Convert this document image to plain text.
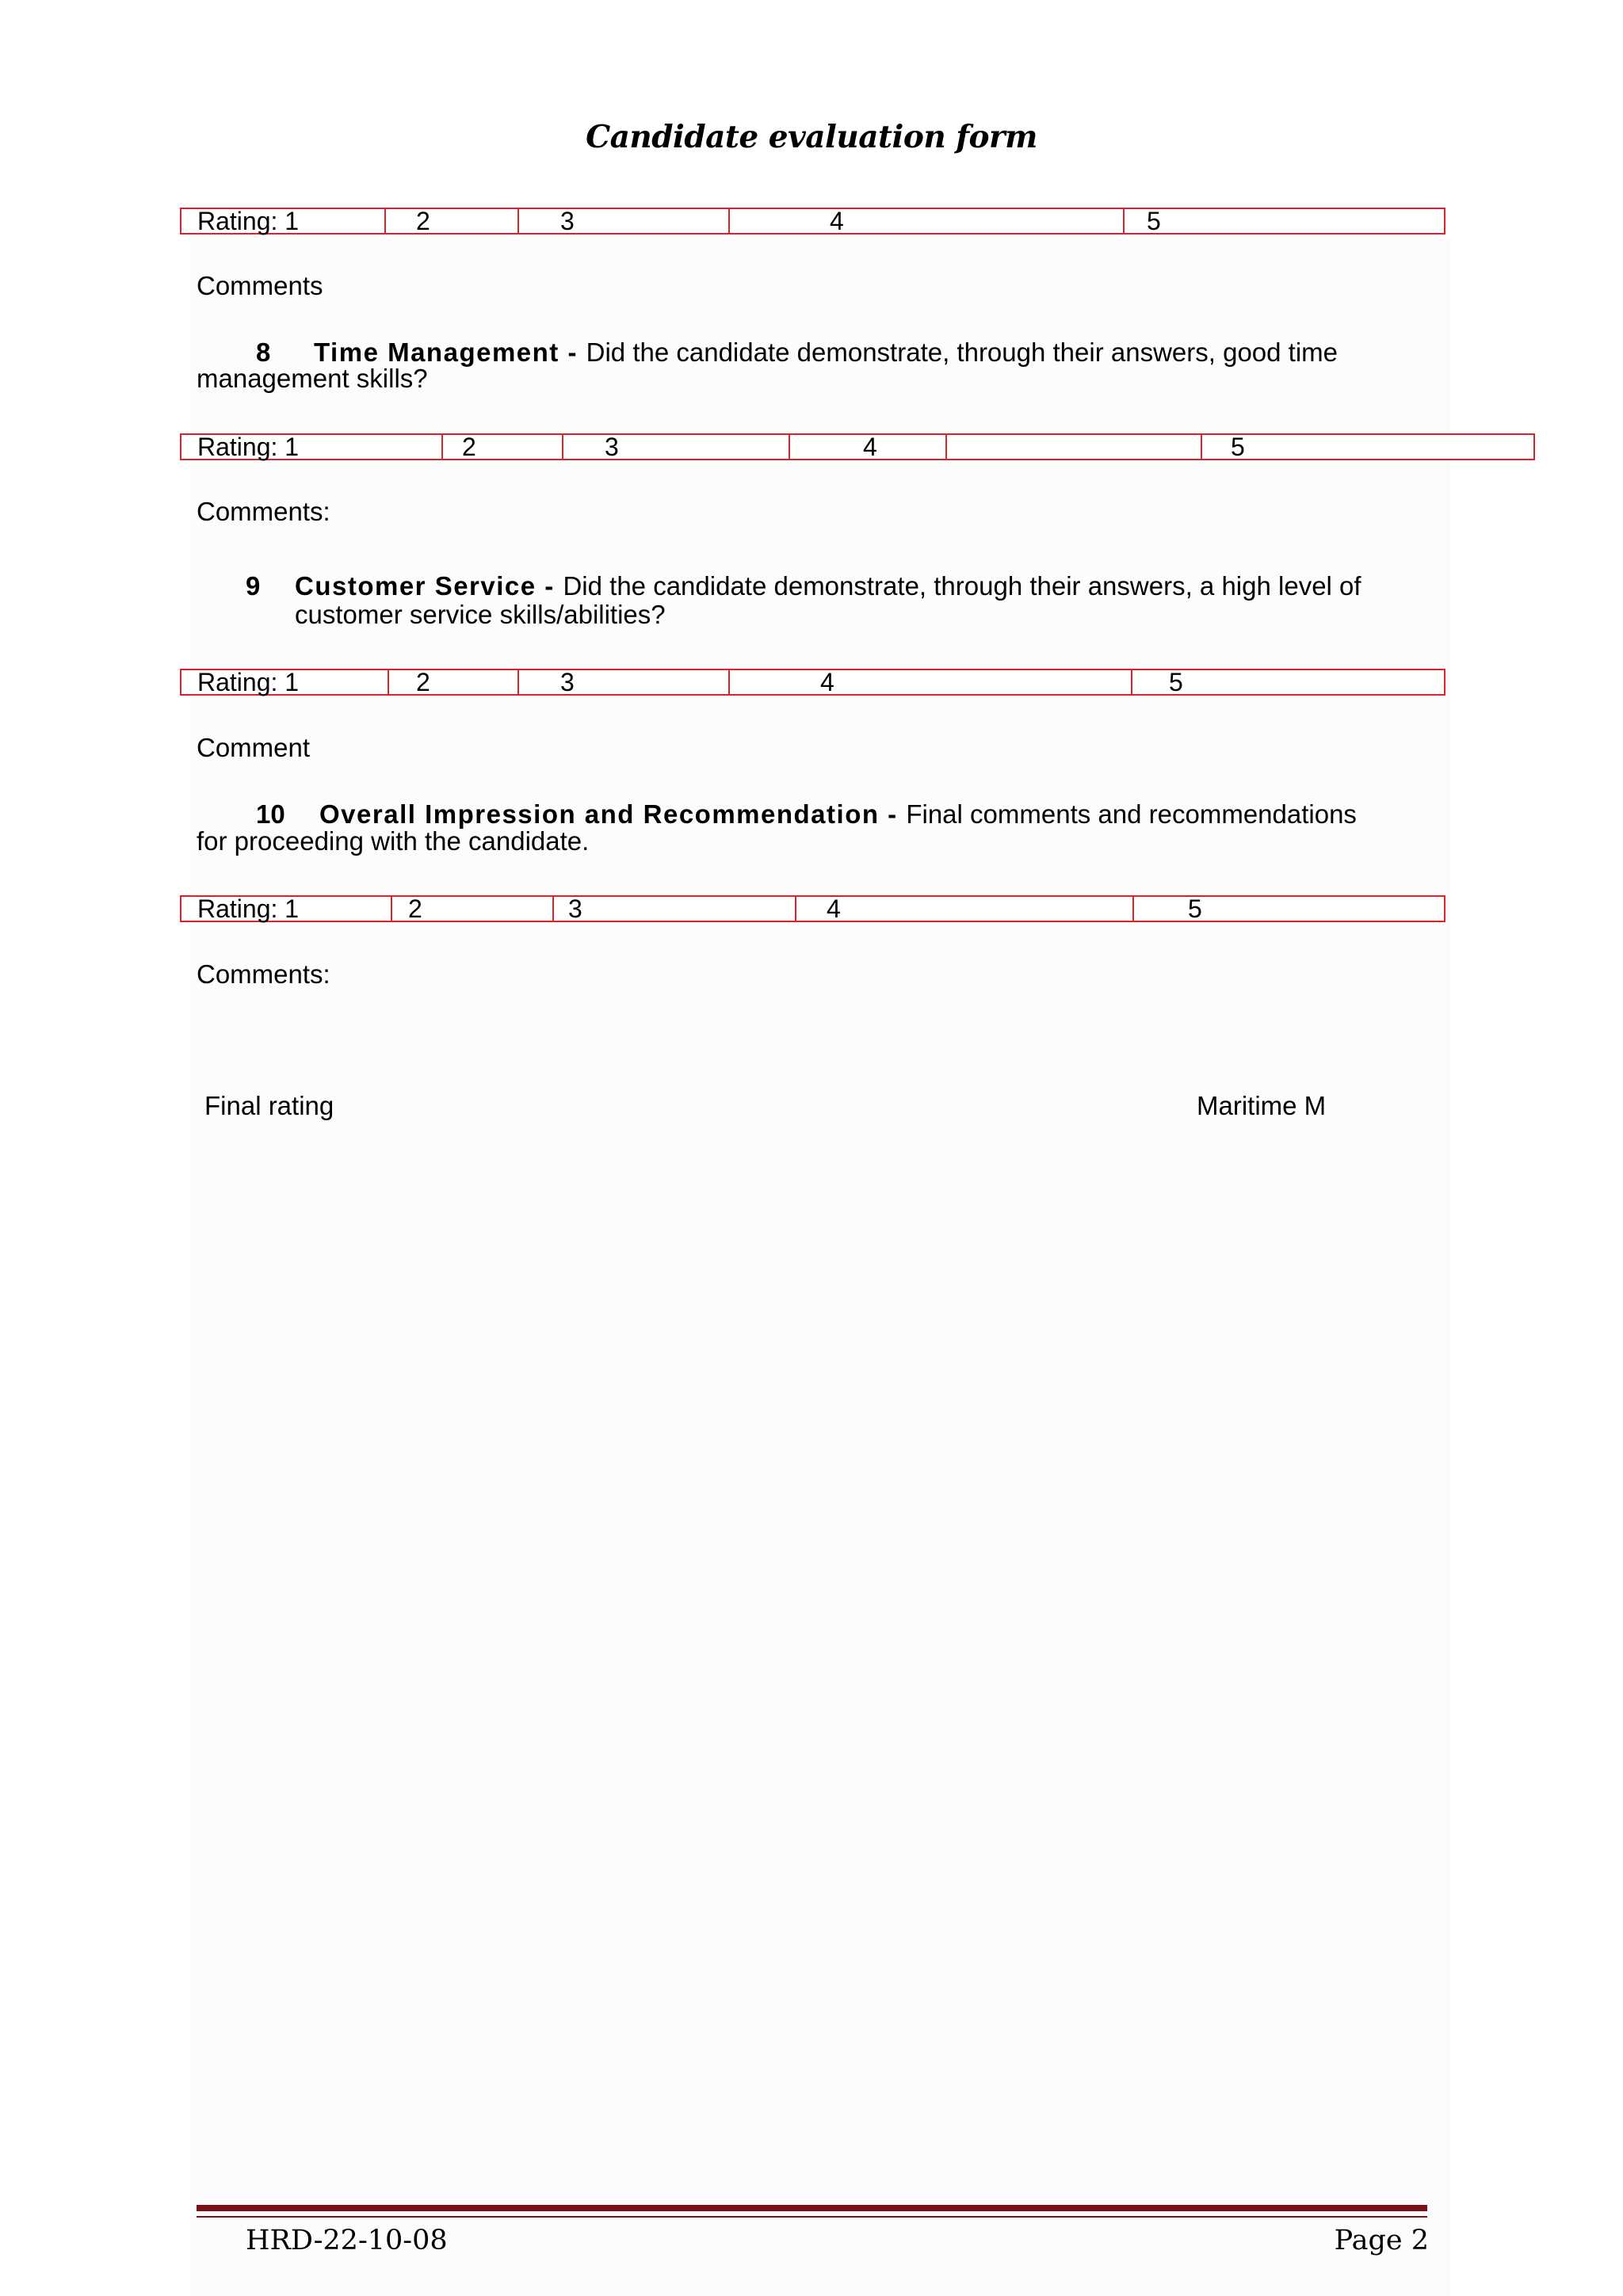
Candidate evaluation form
Rating: 1	2	3	4	5
Comments
8 Time Management - Did the candidate demonstrate, through their answers, good time
management skills?
Rating: 1	2	3	4	5
Comments:
9 Customer Service - Did the candidate demonstrate, through their answers, a high level of
customer service skills/abilities?
Rating: 1	2	3	4	5
Comment
10 Overall Impression and Recommendation - Final comments and recommendations
for proceeding with the candidate.
Rating: 1	2	3	4	5
Comments:
Final rating	Maritime M
HRD-22-10-08	Page 2
